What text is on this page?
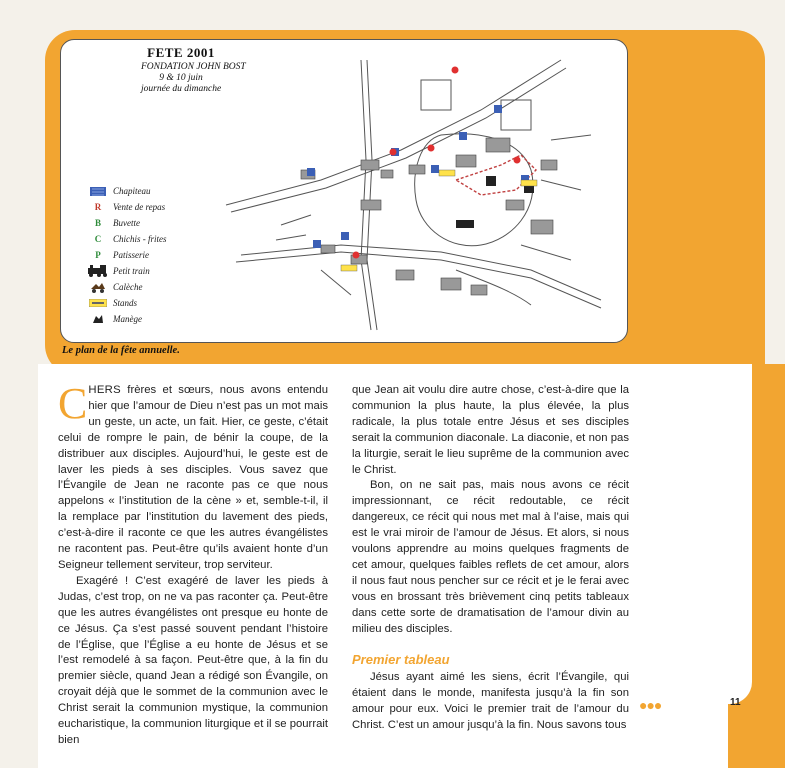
FETE 2001
FONDATION JOHN BOST
9 & 10 juin
journée du dimanche
Chapiteau
R	Vente de repas
B	Buvette
C	Chichis - frites
P	Patisserie
Petit train
Calèche
Stands
Manège
Le plan de la fête annuelle.

CHERS frères et sœurs, nous avons entendu hier que l’amour de Dieu n’est pas un mot mais un geste, un acte, un fait. Hier, ce geste, c’était celui de rompre le pain, de bénir la coupe, de la distribuer aux disciples. Aujourd’hui, le geste est de laver les pieds à ses disciples. Vous savez que l’Évangile de Jean ne raconte pas ce que nous appelons « l’institution de la cène » et, semble-t-il, il la remplace par l’institution du lavement des pieds, c’est-à-dire il raconte ce que les autres évangélistes ne racontent pas. Peut-être qu’ils avaient honte d’un Seigneur tellement serviteur, trop serviteur.

Exagéré ! C’est exagéré de laver les pieds à Judas, c’est trop, on ne va pas raconter ça. Peut-être que les autres évangélistes ont presque eu honte de ce Jésus. Ça s’est passé souvent pendant l’histoire de l’Église, que l’Église a eu honte de Jésus et se l’est remodelé à sa façon. Peut-être que, à la fin du premier siècle, quand Jean a rédigé son Évangile, on croyait déjà que le sommet de la communion avec le Christ serait la communion mystique, la communion eucharistique, la communion liturgique et il se pourrait bien

que Jean ait voulu dire autre chose, c’est-à-dire que la communion la plus haute, la plus élevée, la plus radicale, la plus totale entre Jésus et ses disciples serait la communion diaconale. La diaconie, et non pas la liturgie, serait le lieu suprême de la communion avec le Christ.

Bon, on ne sait pas, mais nous avons ce récit impressionnant, ce récit redoutable, ce récit dangereux, ce récit qui nous met mal à l’aise, mais qui est le vrai miroir de l’amour de Jésus. Et alors, si nous voulons apprendre au moins quelques fragments de cet amour, quelques faibles reflets de cet amour, alors il nous faut nous pencher sur ce récit et je le ferai avec vous en brossant très brièvement cinq petits tableaux dans cette sorte de dramatisation de l’amour divin au milieu des disciples.

Premier tableau

Jésus ayant aimé les siens, écrit l’Évangile, qui étaient dans le monde, manifesta jusqu’à la fin son amour pour eux. Voici le premier trait de l’amour du Christ. C’est un amour jusqu’à la fin. Nous savons tous

●●●	11
